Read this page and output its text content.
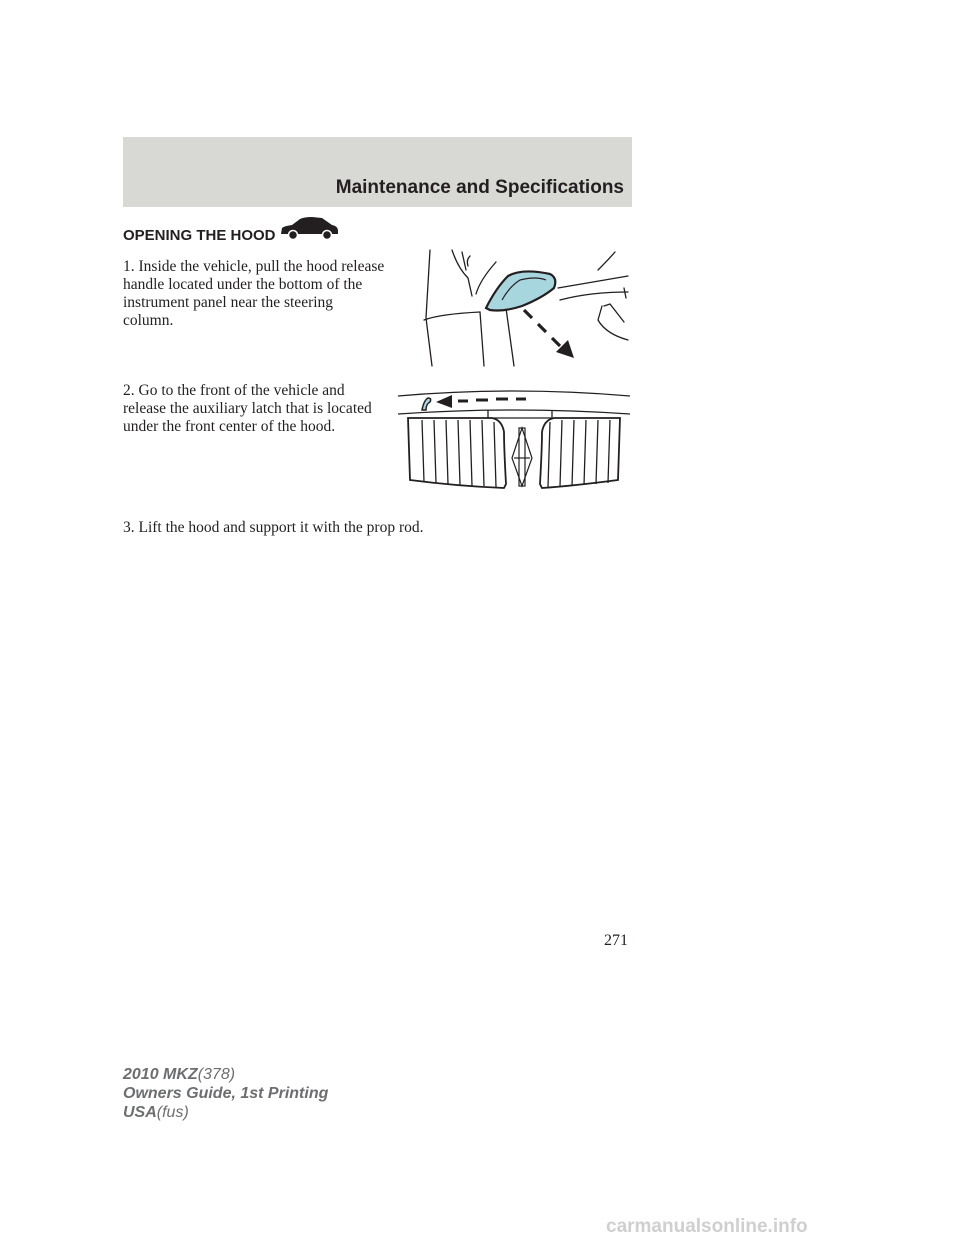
Maintenance and Specifications
OPENING THE HOOD

1. Inside the vehicle, pull the hood release handle located under the bottom of the instrument panel near the steering column.

2. Go to the front of the vehicle and release the auxiliary latch that is located under the front center of the hood.

3. Lift the hood and support it with the prop rod.

271
2010 MKZ(378)
Owners Guide, 1st Printing
USA(fus)
carmanualsonline.info
